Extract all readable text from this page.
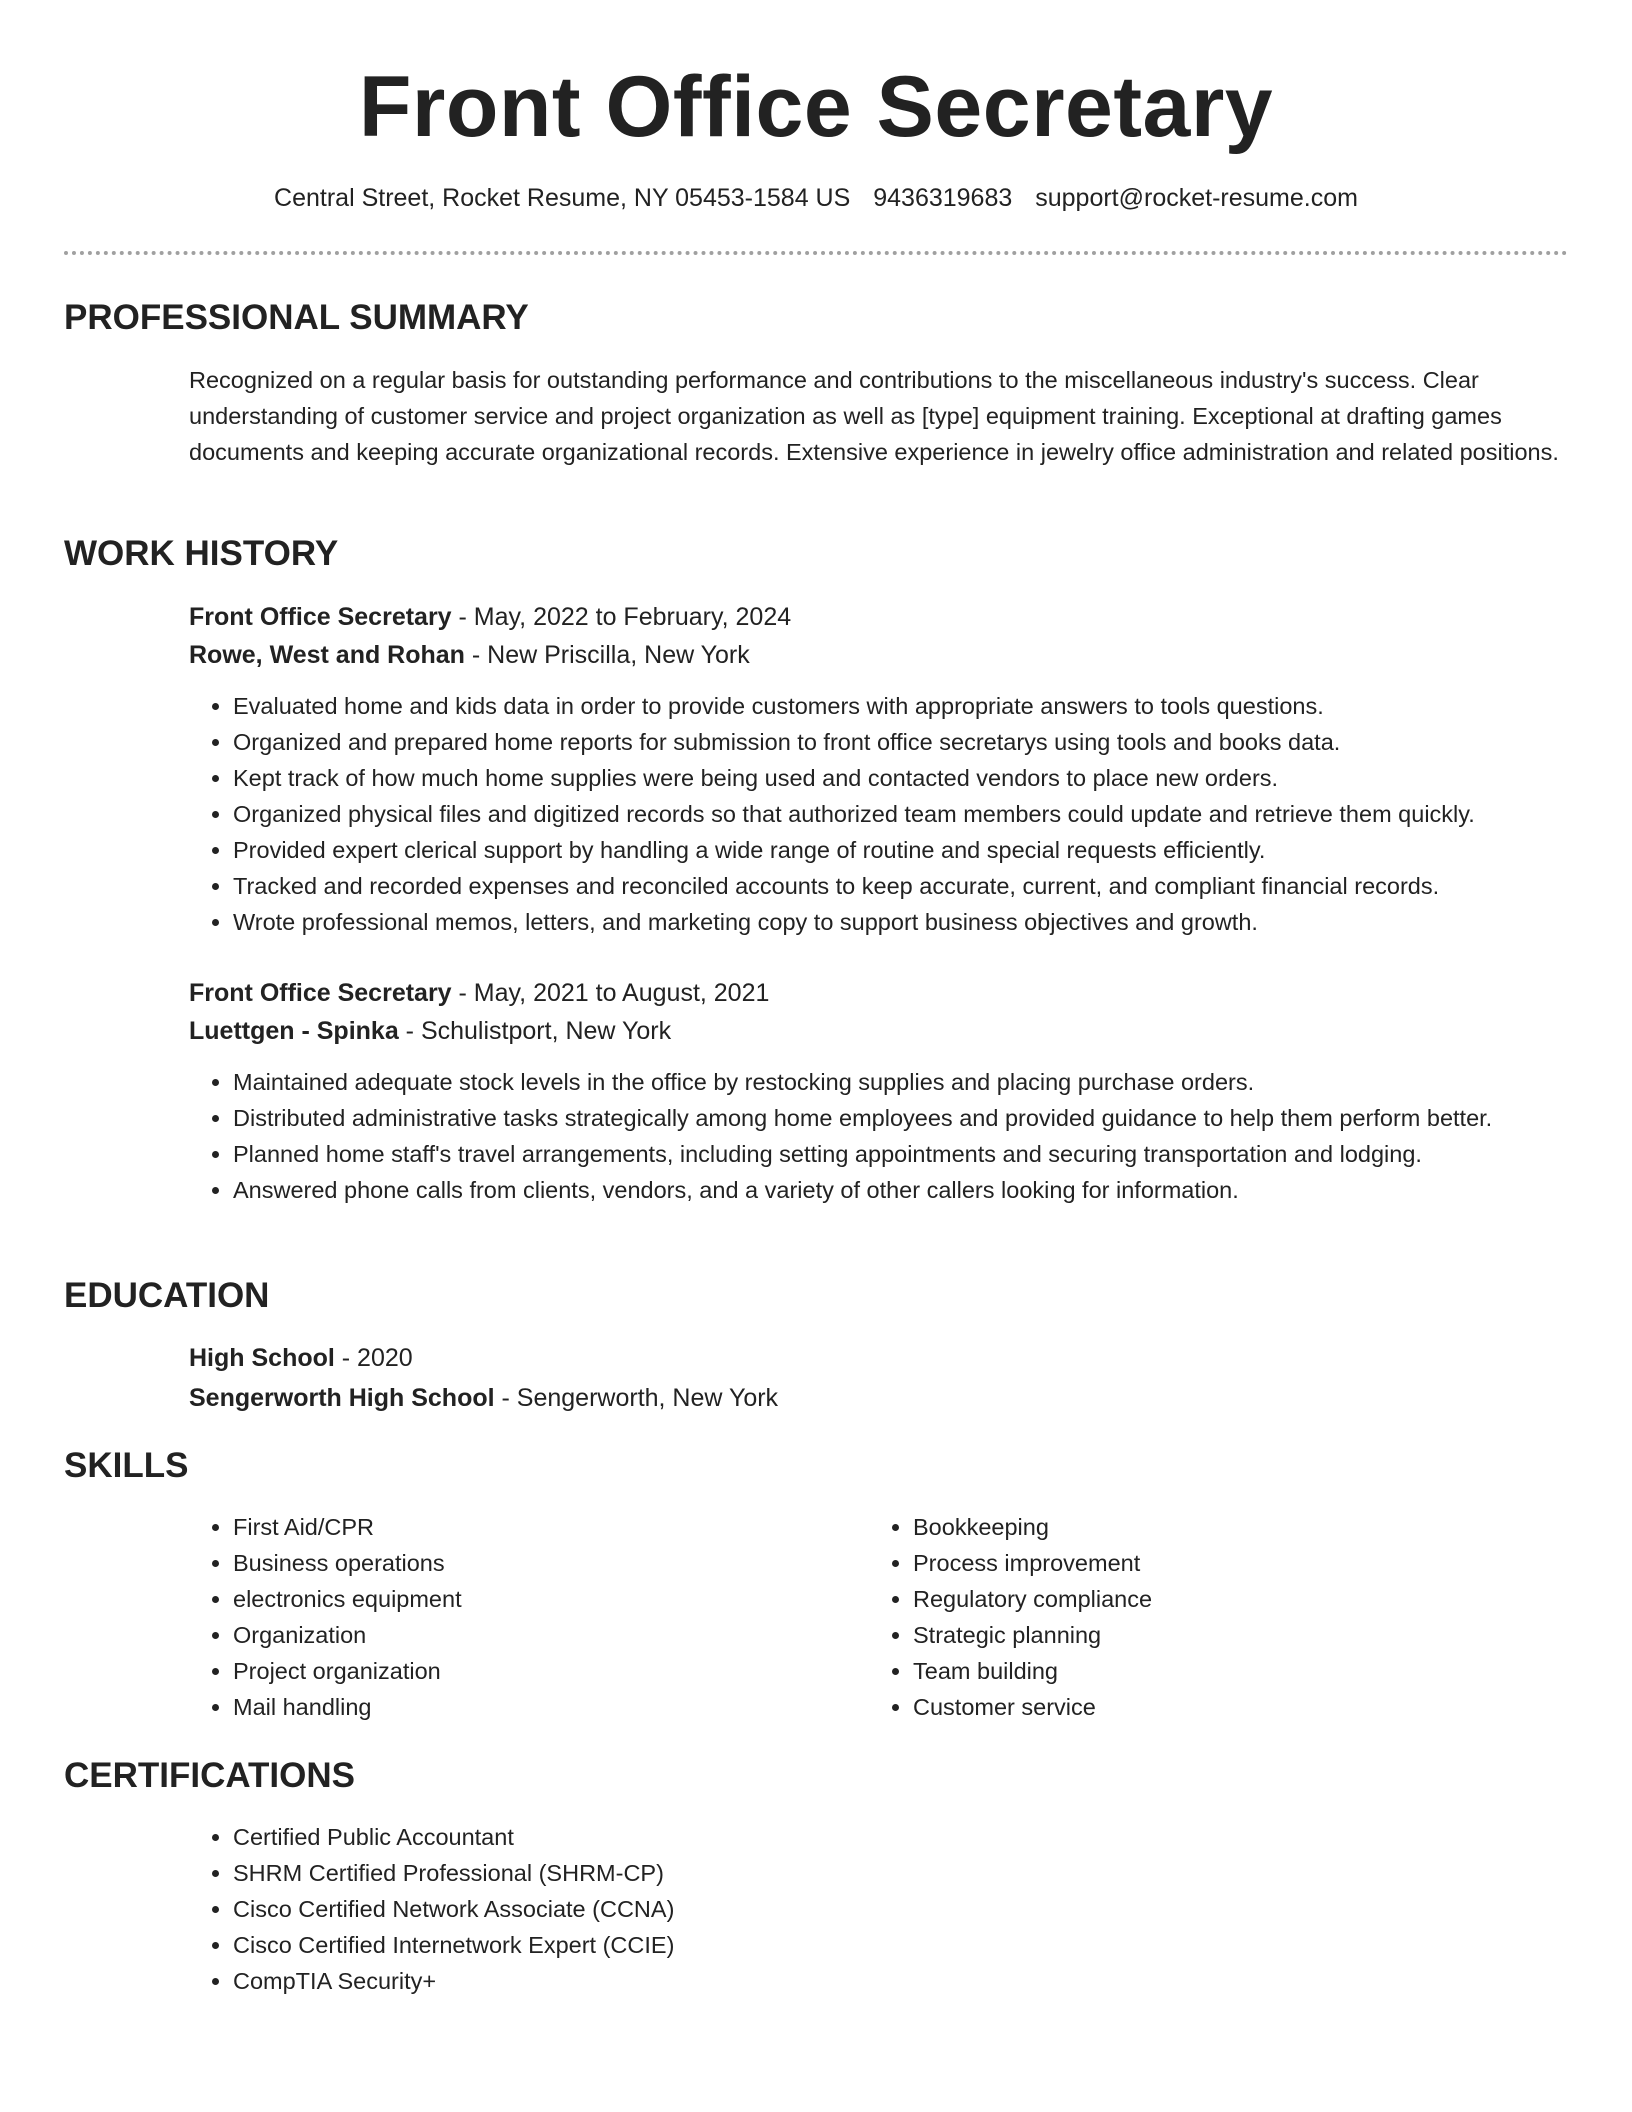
Front Office Secretary
Central Street, Rocket Resume, NY 05453-1584 US 9436319683 support@rocket-resume.com
PROFESSIONAL SUMMARY

Recognized on a regular basis for outstanding performance and contributions to the miscellaneous industry's success. Clear understanding of customer service and project organization as well as [type] equipment training. Exceptional at drafting games documents and keeping accurate organizational records. Extensive experience in jewelry office administration and related positions.

WORK HISTORY

Front Office Secretary - May, 2022 to February, 2024

Rowe, West and Rohan - New Priscilla, New York

• Evaluated home and kids data in order to provide customers with appropriate answers to tools questions.
• Organized and prepared home reports for submission to front office secretarys using tools and books data.
• Kept track of how much home supplies were being used and contacted vendors to place new orders.
• Organized physical files and digitized records so that authorized team members could update and retrieve them quickly.
• Provided expert clerical support by handling a wide range of routine and special requests efficiently.
• Tracked and recorded expenses and reconciled accounts to keep accurate, current, and compliant financial records.
• Wrote professional memos, letters, and marketing copy to support business objectives and growth.

Front Office Secretary - May, 2021 to August, 2021

Luettgen - Spinka - Schulistport, New York

• Maintained adequate stock levels in the office by restocking supplies and placing purchase orders.
• Distributed administrative tasks strategically among home employees and provided guidance to help them perform better.
• Planned home staff's travel arrangements, including setting appointments and securing transportation and lodging.
• Answered phone calls from clients, vendors, and a variety of other callers looking for information.
EDUCATION

High School - 2020

Sengerworth High School - Sengerworth, New York

SKILLS
• First Aid/CPR
• Business operations
• electronics equipment
• Organization
• Project organization
• Mail handling
• Bookkeeping
• Process improvement
• Regulatory compliance
• Strategic planning
• Team building
• Customer service
CERTIFICATIONS
• Certified Public Accountant
• SHRM Certified Professional (SHRM-CP)
• Cisco Certified Network Associate (CCNA)
• Cisco Certified Internetwork Expert (CCIE)
• CompTIA Security+
